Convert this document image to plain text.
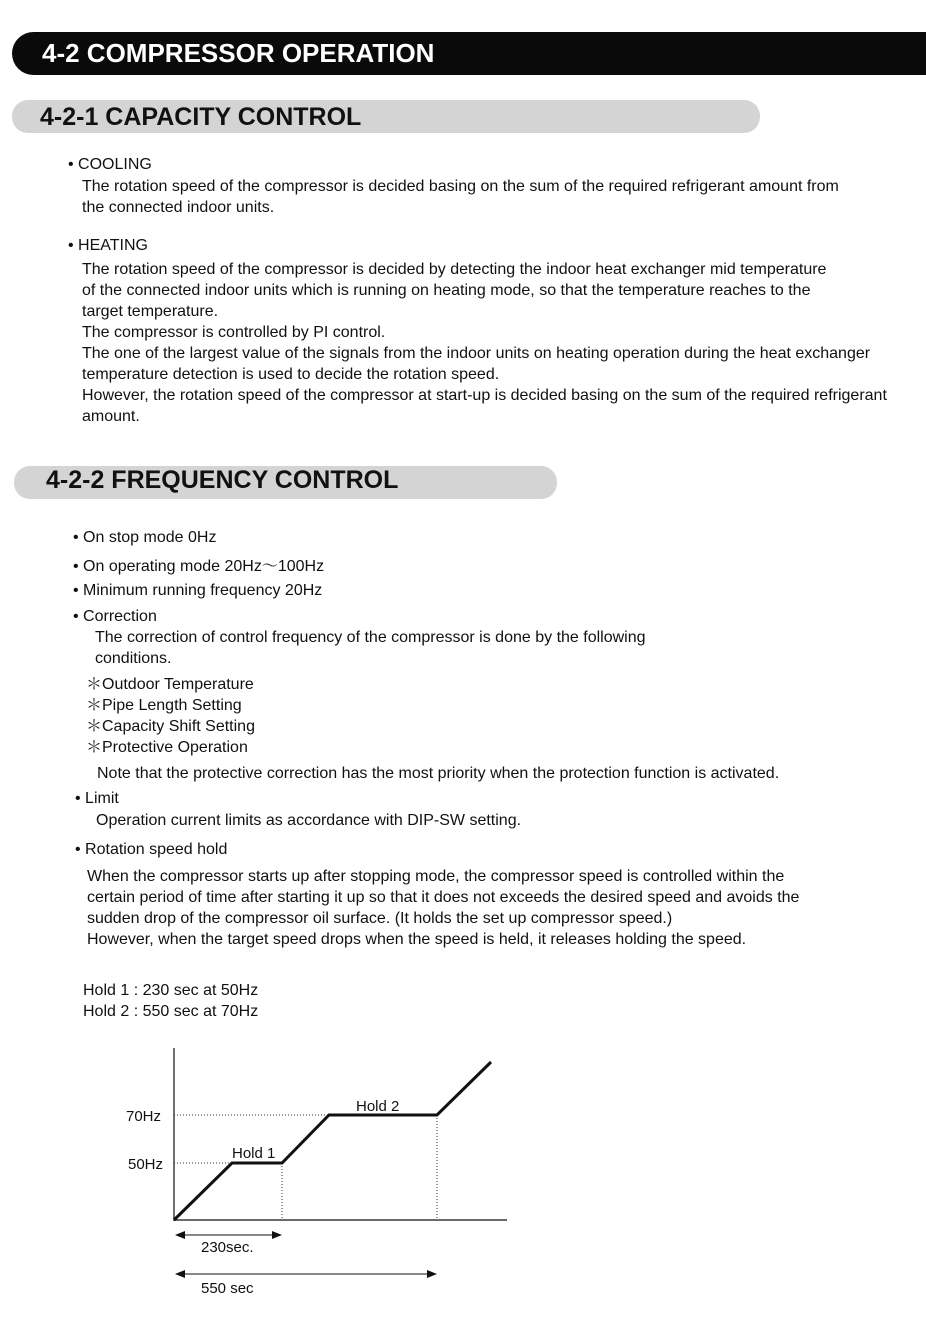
4-2 COMPRESSOR OPERATION
4-2-1 CAPACITY CONTROL
• COOLING
The rotation speed of the compressor is decided basing on the sum of the required refrigerant amount from
the connected indoor units.
• HEATING
The rotation speed of the compressor is decided by detecting the indoor heat exchanger mid temperature
of the connected indoor units which is running on heating mode, so that the temperature reaches to the
target temperature.
The compressor is controlled by PI control.
The one of the largest value of the signals from the indoor units on heating operation during the heat exchanger
temperature detection is used to decide the rotation speed.
However, the rotation speed of the compressor at start-up is decided basing on the sum of the required refrigerant
amount.
4-2-2 FREQUENCY CONTROL
• On stop mode 0Hz
• On operating mode 20Hz～100Hz
• Minimum running frequency 20Hz
• Correction
The correction of control frequency of the compressor is done by the following
conditions.
＊Outdoor Temperature
＊Pipe Length Setting
＊Capacity Shift Setting
＊Protective Operation
Note that the protective correction has the most priority when the protection function is activated.
• Limit
Operation current limits as accordance with DIP-SW setting.
• Rotation speed hold
When the compressor starts up after stopping mode, the compressor speed is controlled within the
certain period of time after starting it up so that it does not exceeds the desired speed and avoids the
sudden drop of the compressor oil surface. (It holds the set up compressor speed.)
However, when the target speed drops when the speed is held, it releases holding the speed.
Hold 1 : 230 sec at 50Hz
Hold 2 : 550 sec at 70Hz
70Hz
50Hz
Hold 1
Hold 2
230sec.
550 sec
